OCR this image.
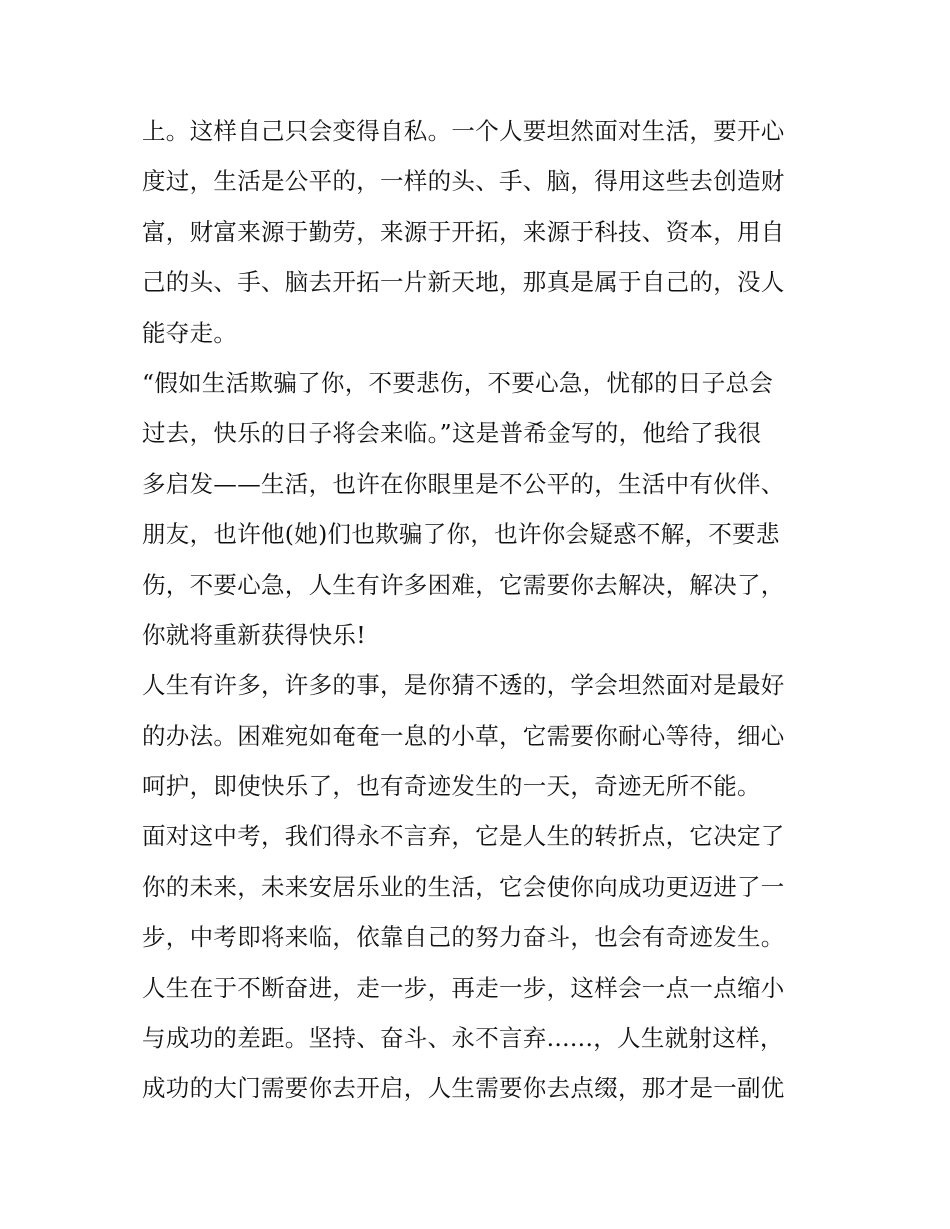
上。这样自己只会变得自私。一个人要坦然面对生活，要开心
度过，生活是公平的，一样的头、手、脑，得用这些去创造财
富，财富来源于勤劳，来源于开拓，来源于科技、资本，用自
己的头、手、脑去开拓一片新天地，那真是属于自己的，没人
能夺走。
“假如生活欺骗了你，不要悲伤，不要心急，忧郁的日子总会
过去，快乐的日子将会来临。”这是普希金写的，他给了我很
多启发——生活，也许在你眼里是不公平的，生活中有伙伴、
朋友，也许他(她)们也欺骗了你，也许你会疑惑不解，不要悲
伤，不要心急，人生有许多困难，它需要你去解决，解决了，
你就将重新获得快乐!
人生有许多，许多的事，是你猜不透的，学会坦然面对是最好
的办法。困难宛如奄奄一息的小草，它需要你耐心等待，细心
呵护，即使快乐了，也有奇迹发生的一天，奇迹无所不能。
面对这中考，我们得永不言弃，它是人生的转折点，它决定了
你的未来，未来安居乐业的生活，它会使你向成功更迈进了一
步，中考即将来临，依靠自己的努力奋斗，也会有奇迹发生。
人生在于不断奋进，走一步，再走一步，这样会一点一点缩小
与成功的差距。坚持、奋斗、永不言弃......，人生就射这样，
成功的大门需要你去开启，人生需要你去点缀，那才是一副优
